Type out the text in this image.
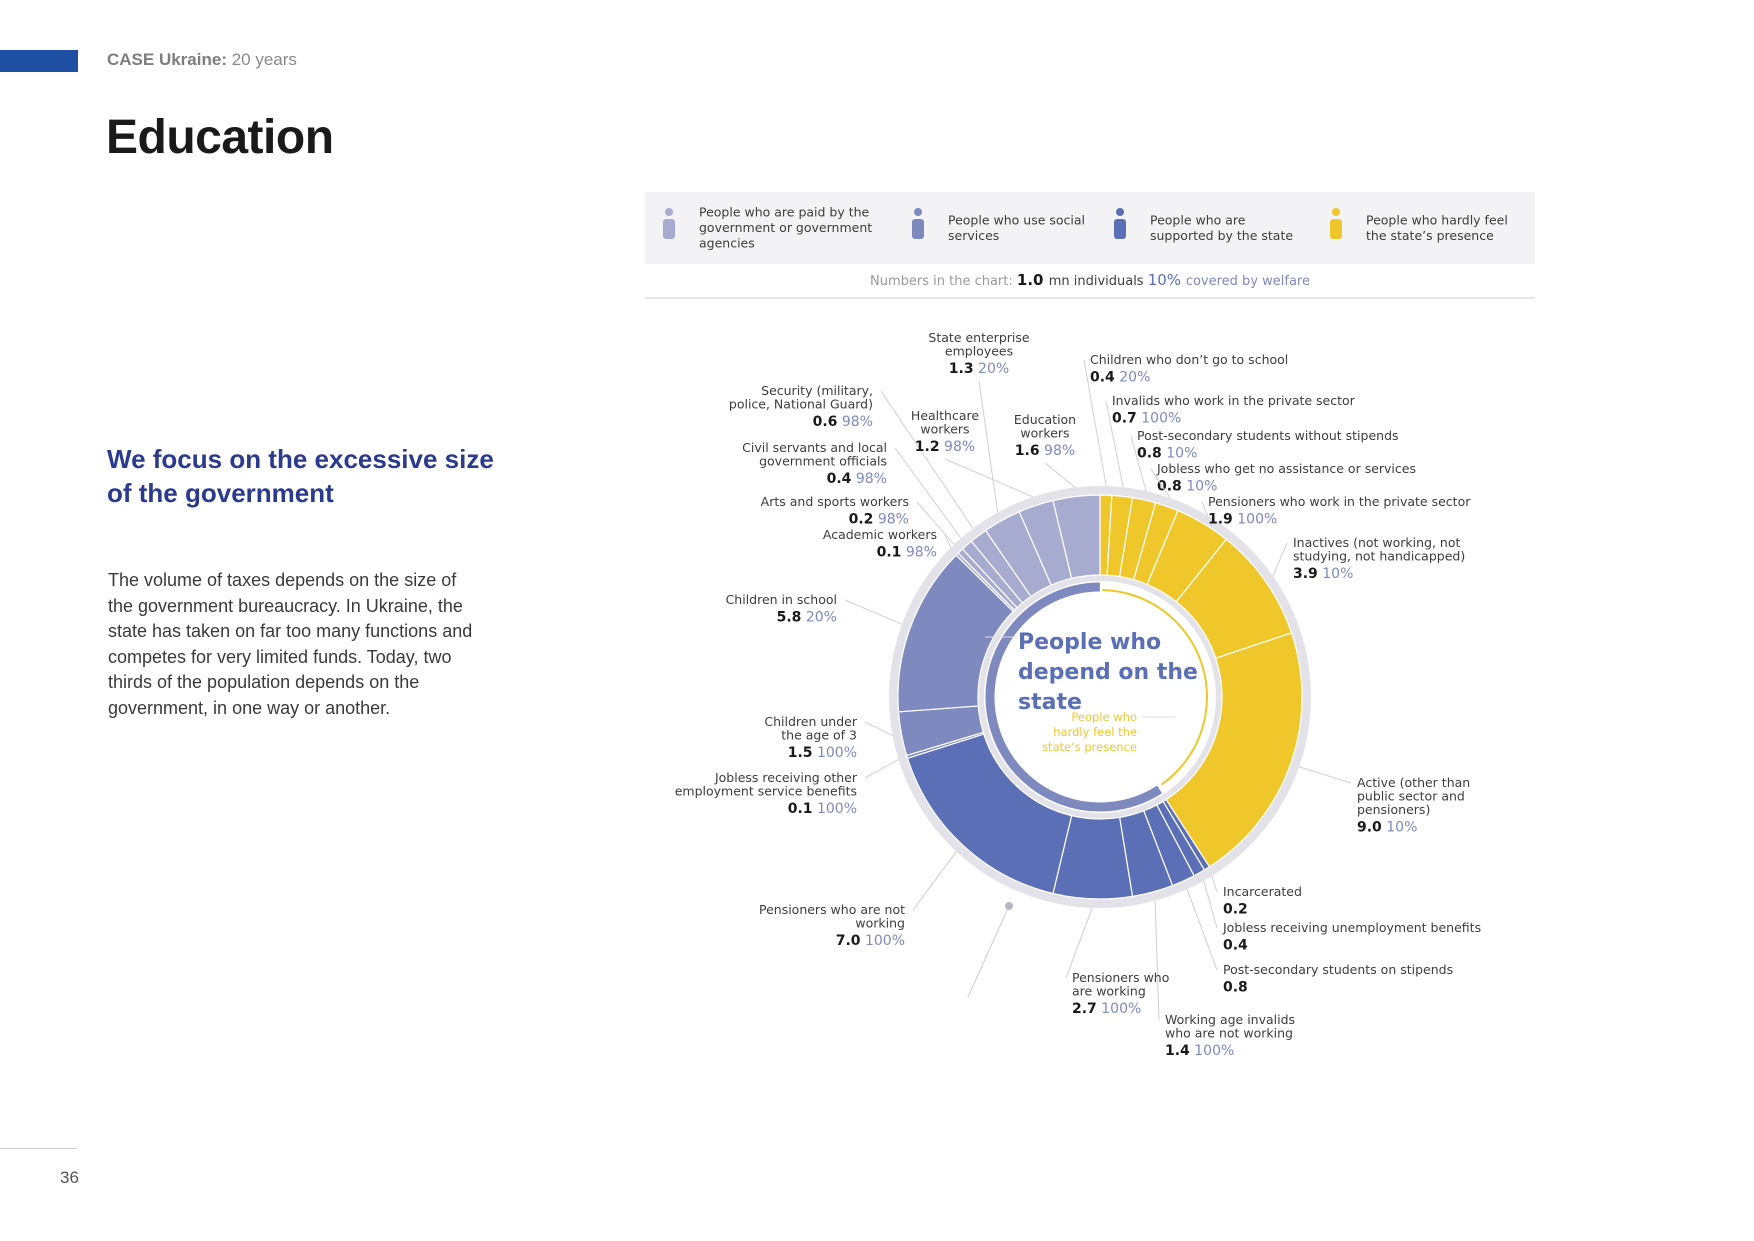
CASE Ukraine: 20 years
Education
We focus on the excessive size of the government
The volume of taxes depends on the size of the government bureaucracy. In Ukraine, the state has taken on far too many functions and competes for very limited funds. Today, two thirds of the population depends on the government, in one way or another.
36
People who are paid by the
government or government
agencies
People who use social
services
People who are
supported by the state
People who hardly feel
the state’s presence
Numbers in the chart: 1.0 mn individuals 10% covered by welfare
People who
depend on the
state
People who
hardly feel the
state’s presence
Children who don’t go to school
0.4 20%
Invalids who work in the private sector
0.7 100%
Post-secondary students without stipends
0.8 10%
Jobless who get no assistance or services
0.8 10%
Pensioners who work in the private sector
1.9 100%
Inactives (not working, not
studying, not handicapped)
3.9 10%
Active (other than
public sector and
pensioners)
9.0 10%
Incarcerated
0.2
Jobless receiving unemployment benefits
0.4
Post-secondary students on stipends
0.8
Working age invalids
who are not working
1.4 100%
Pensioners who
are working
2.7 100%
Pensioners who are not
working
7.0 100%
Jobless receiving other
employment service benefits
0.1 100%
Children under
the age of 3
1.5 100%
Children in school
5.8 20%
Academic workers
0.1 98%
Arts and sports workers
0.2 98%
Civil servants and local
government officials
0.4 98%
Security (military,
police, National Guard)
0.6 98%
State enterprise
employees
1.3 20%
Healthcare
workers
1.2 98%
Education
workers
1.6 98%
